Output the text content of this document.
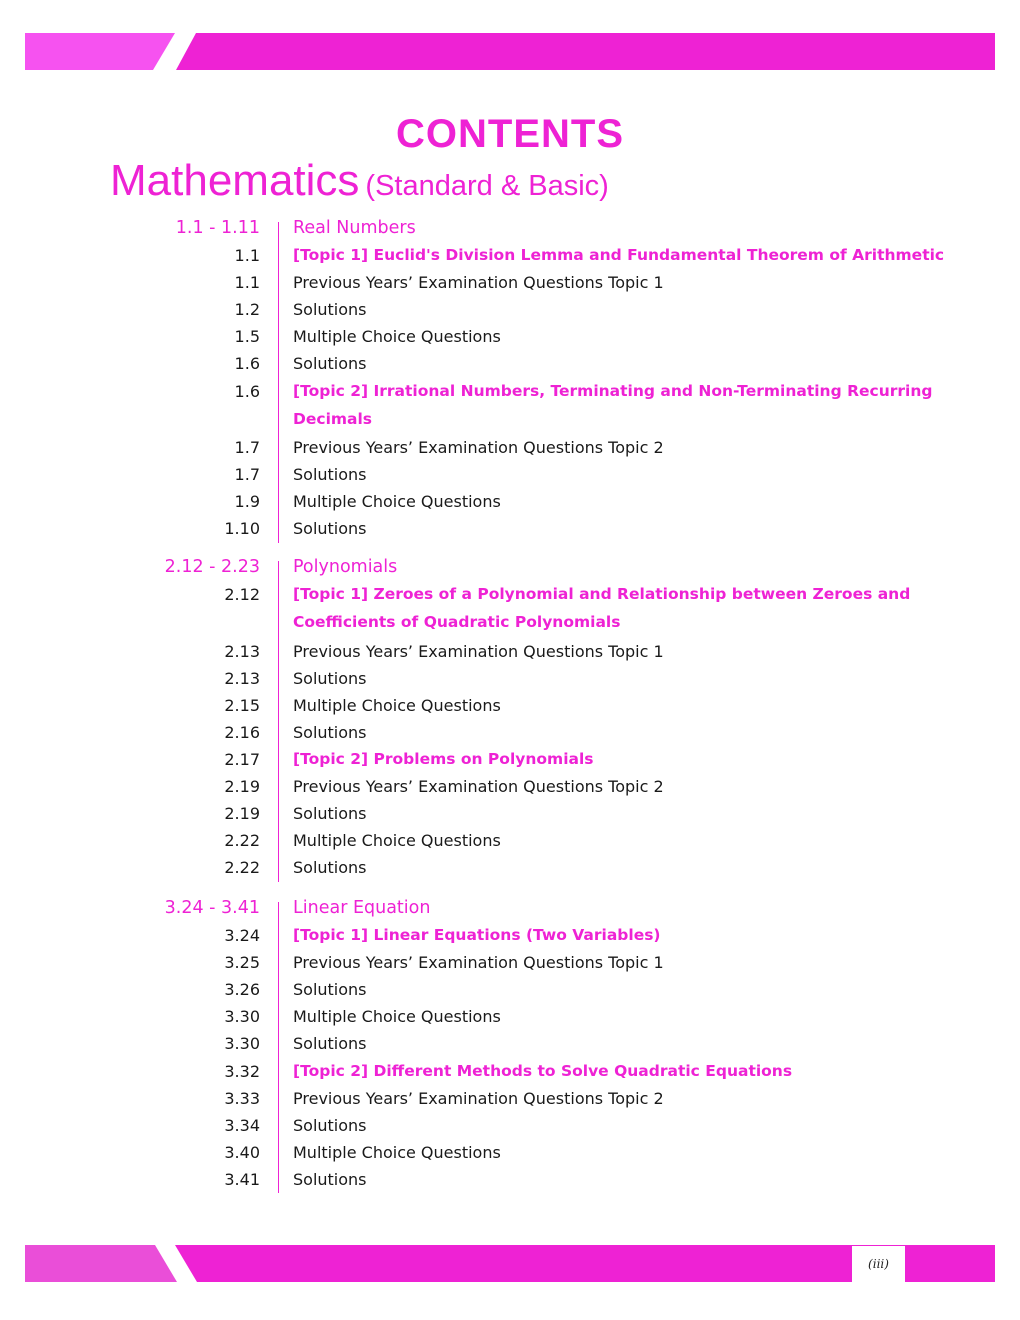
CONTENTS
Mathematics (Standard & Basic)
1.1 - 1.11 Real Numbers
1.1 [Topic 1] Euclid's Division Lemma and Fundamental Theorem of Arithmetic
1.1 Previous Years’ Examination Questions Topic 1
1.2 Solutions
1.5 Multiple Choice Questions
1.6 Solutions
1.6 [Topic 2] Irrational Numbers, Terminating and Non-Terminating Recurring
Decimals
1.7 Previous Years’ Examination Questions Topic 2
1.7 Solutions
1.9 Multiple Choice Questions
1.10 Solutions
2.12 - 2.23 Polynomials
2.12 [Topic 1] Zeroes of a Polynomial and Relationship between Zeroes and
Coefficients of Quadratic Polynomials
2.13 Previous Years’ Examination Questions Topic 1
2.13 Solutions
2.15 Multiple Choice Questions
2.16 Solutions
2.17 [Topic 2] Problems on Polynomials
2.19 Previous Years’ Examination Questions Topic 2
2.19 Solutions
2.22 Multiple Choice Questions
2.22 Solutions
3.24 - 3.41 Linear Equation
3.24 [Topic 1] Linear Equations (Two Variables)
3.25 Previous Years’ Examination Questions Topic 1
3.26 Solutions
3.30 Multiple Choice Questions
3.30 Solutions
3.32 [Topic 2] Different Methods to Solve Quadratic Equations
3.33 Previous Years’ Examination Questions Topic 2
3.34 Solutions
3.40 Multiple Choice Questions
3.41 Solutions
(iii)
